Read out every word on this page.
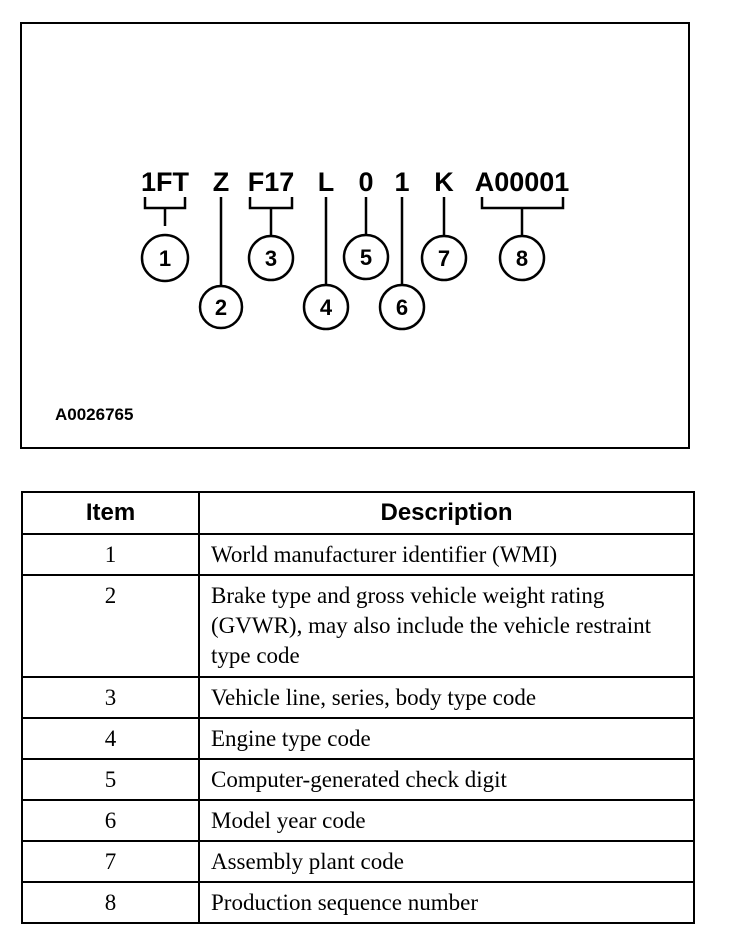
1FT Z F17 L 0 1 K A00001
1
2
3
4
5
6
7	8
A0026765
Item	Description
1	World manufacturer identifier (WMI)
2	Brake type and gross vehicle weight rating (GVWR), may also include the vehicle restraint type code
3	Vehicle line, series, body type code
4	Engine type code
5	Computer-generated check digit
6	Model year code
7	Assembly plant code
8	Production sequence number
